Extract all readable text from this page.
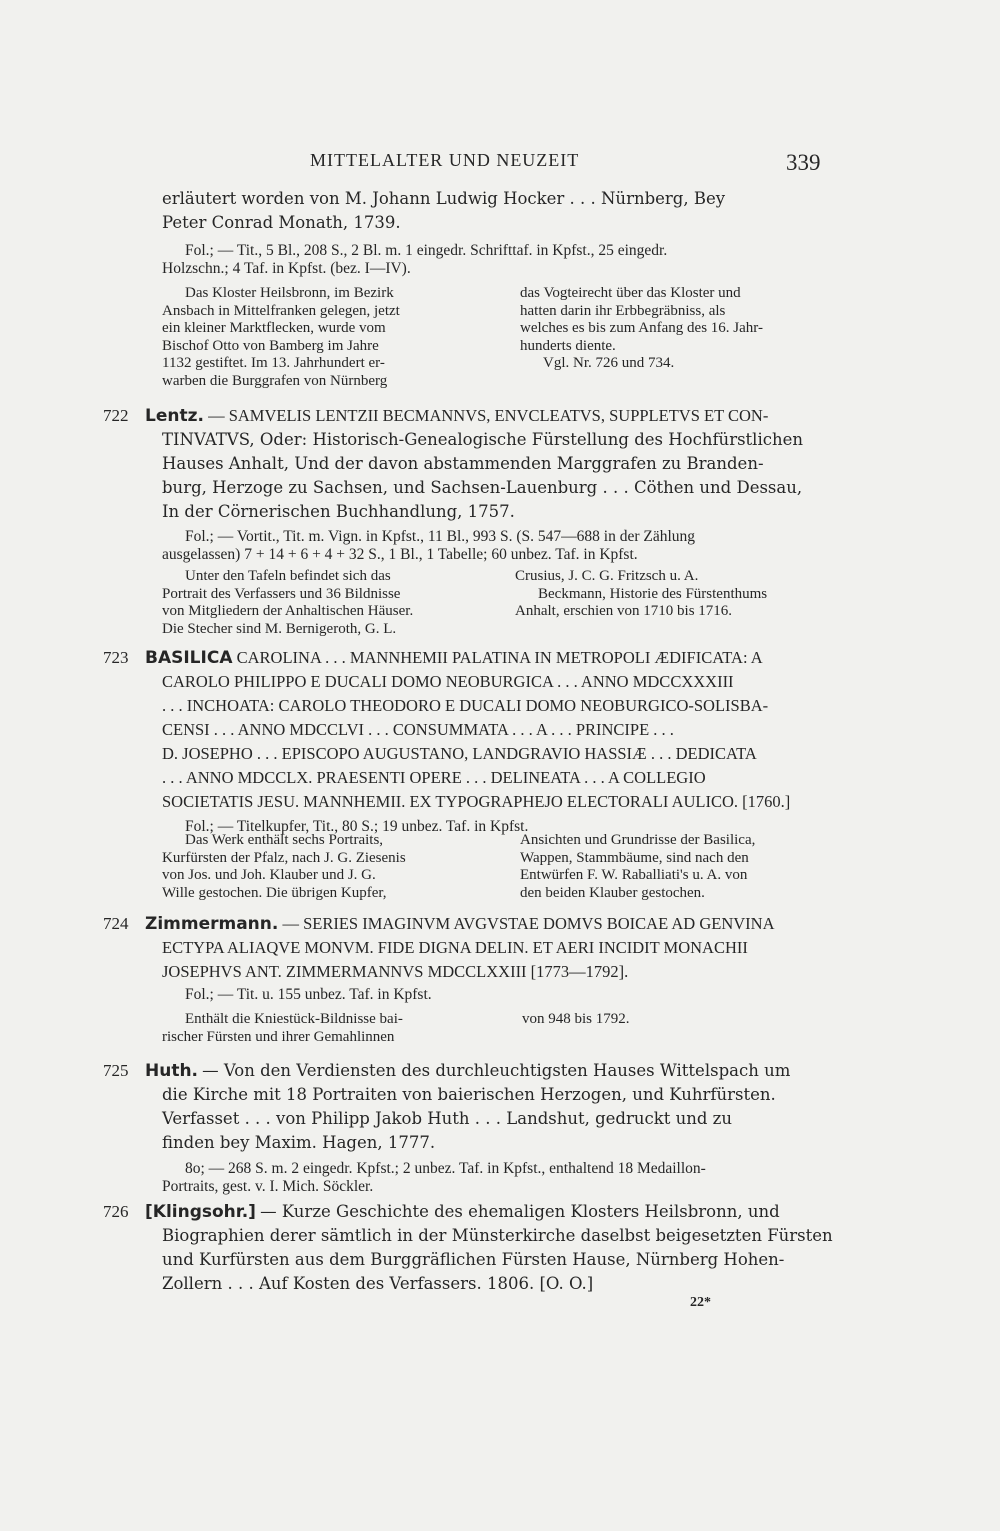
MITTELALTER UND NEUZEIT	339
erläutert worden von M. Johann Ludwig Hocker . . . Nürnberg, Bey
Peter Conrad Monath, 1739.
Fol.; — Tit., 5 Bl., 208 S., 2 Bl. m. 1 eingedr. Schrifttaf. in Kpfst., 25 eingedr.
Holzschn.; 4 Taf. in Kpfst. (bez. I—IV).
Das Kloster Heilsbronn, im Bezirk
Ansbach in Mittelfranken gelegen, jetzt
ein kleiner Marktflecken, wurde vom
Bischof Otto von Bamberg im Jahre
1132 gestiftet. Im 13. Jahrhundert er-
warben die Burggrafen von Nürnberg
das Vogteirecht über das Kloster und
hatten darin ihr Erbbegräbniss, als
welches es bis zum Anfang des 16. Jahr-
hunderts diente.
Vgl. Nr. 726 und 734.
722 Lentz. — SAMVELIS LENTZII BECMANNVS, ENVCLEATVS, SUPPLETVS ET CON-
TINVATVS, Oder: Historisch-Genealogische Fürstellung des Hochfürstlichen
Hauses Anhalt, Und der davon abstammenden Marggrafen zu Branden-
burg, Herzoge zu Sachsen, und Sachsen-Lauenburg . . . Cöthen und Dessau,
In der Cörnerischen Buchhandlung, 1757.
Fol.; — Vortit., Tit. m. Vign. in Kpfst., 11 Bl., 993 S. (S. 547—688 in der Zählung
ausgelassen) 7 + 14 + 6 + 4 + 32 S., 1 Bl., 1 Tabelle; 60 unbez. Taf. in Kpfst.
Unter den Tafeln befindet sich das
Portrait des Verfassers und 36 Bildnisse
von Mitgliedern der Anhaltischen Häuser.
Die Stecher sind M. Bernigeroth, G. L.
Crusius, J. C. G. Fritzsch u. A.
Beckmann, Historie des Fürstenthums
Anhalt, erschien von 1710 bis 1716.
723 BASILICA CAROLINA . . . MANNHEMII PALATINA IN METROPOLI ÆDIFICATA: A
CAROLO PHILIPPO E DUCALI DOMO NEOBURGICA . . . ANNO MDCCXXXIII
. . . INCHOATA: CAROLO THEODORO E DUCALI DOMO NEOBURGICO-SOLISBA-
CENSI . . . ANNO MDCCLVI . . . CONSUMMATA . . . A . . . PRINCIPE . . .
D. JOSEPHO . . . EPISCOPO AUGUSTANO, LANDGRAVIO HASSIÆ . . . DEDICATA
. . . ANNO MDCCLX. PRAESENTI OPERE . . . DELINEATA . . . A COLLEGIO
SOCIETATIS JESU. MANNHEMII. EX TYPOGRAPHEJO ELECTORALI AULICO. [1760.]
Fol.; — Titelkupfer, Tit., 80 S.; 19 unbez. Taf. in Kpfst.
Das Werk enthält sechs Portraits,
Kurfürsten der Pfalz, nach J. G. Ziesenis
von Jos. und Joh. Klauber und J. G.
Wille gestochen. Die übrigen Kupfer,
Ansichten und Grundrisse der Basilica,
Wappen, Stammbäume, sind nach den
Entwürfen F. W. Raballiati's u. A. von
den beiden Klauber gestochen.
724 Zimmermann. — SERIES IMAGINVM AVGVSTAE DOMVS BOICAE AD GENVINA
ECTYPA ALIAQVE MONVM. FIDE DIGNA DELIN. ET AERI INCIDIT MONACHII
JOSEPHVS ANT. ZIMMERMANNVS MDCCLXXIII [1773—1792].
Fol.; — Tit. u. 155 unbez. Taf. in Kpfst.
Enthält die Kniestück-Bildnisse bai-
rischer Fürsten und ihrer Gemahlinnen
von 948 bis 1792.
725 Huth. — Von den Verdiensten des durchleuchtigsten Hauses Wittelspach um
die Kirche mit 18 Portraiten von baierischen Herzogen, und Kuhrfürsten.
Verfasset . . . von Philipp Jakob Huth . . . Landshut, gedruckt und zu
finden bey Maxim. Hagen, 1777.
8o; — 268 S. m. 2 eingedr. Kpfst.; 2 unbez. Taf. in Kpfst., enthaltend 18 Medaillon-
Portraits, gest. v. I. Mich. Söckler.
726 [Klingsohr.] — Kurze Geschichte des ehemaligen Klosters Heilsbronn, und
Biographien derer sämtlich in der Münsterkirche daselbst beigesetzten Fürsten
und Kurfürsten aus dem Burggräflichen Fürsten Hause, Nürnberg Hohen-
Zollern . . . Auf Kosten des Verfassers. 1806. [O. O.]
22*
